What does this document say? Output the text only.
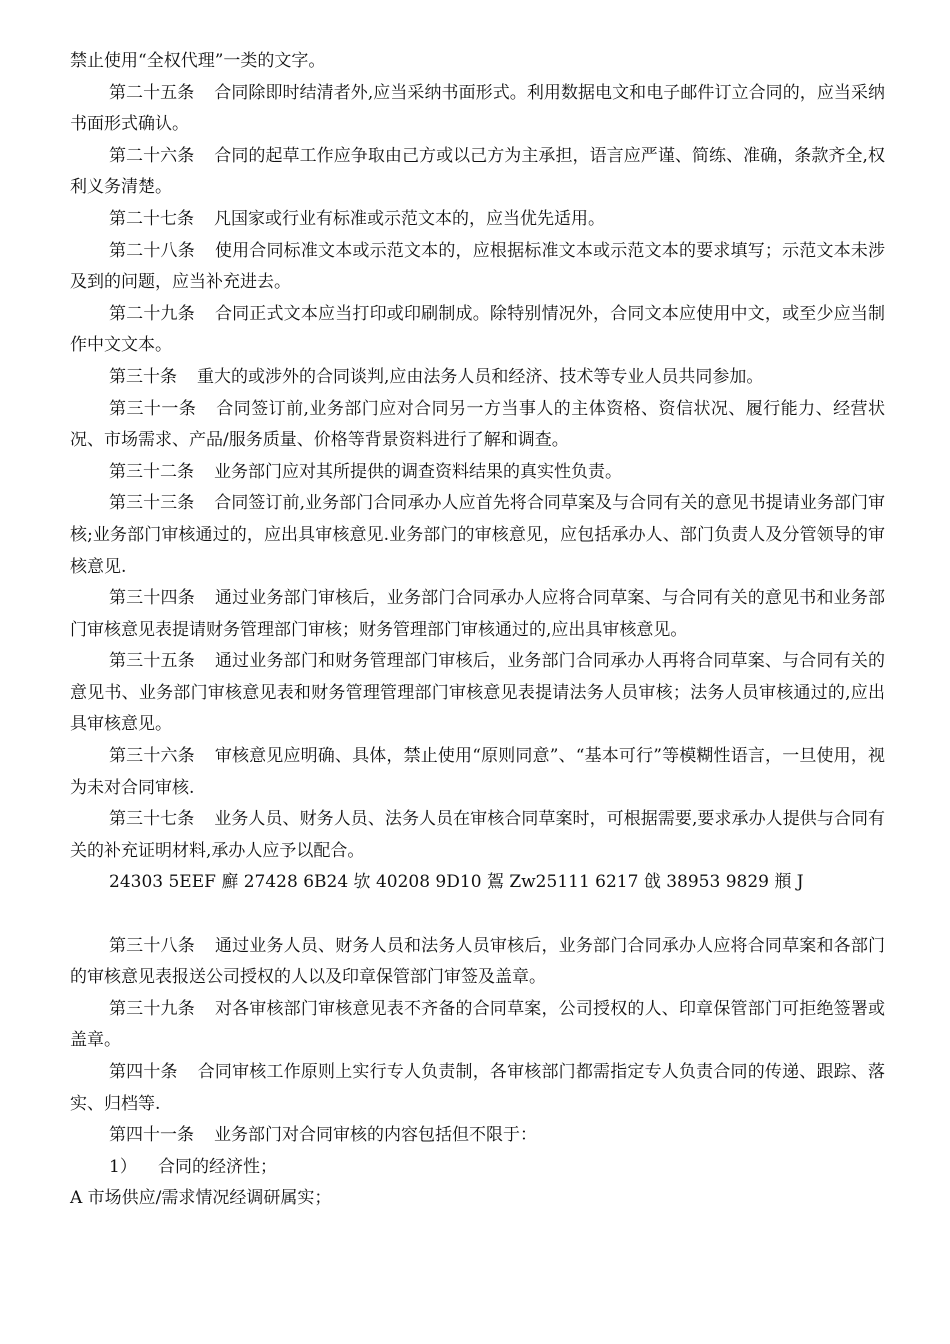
禁止使用“全权代理”一类的文字。

第二十五条 合同除即时结清者外,应当采纳书面形式。利用数据电文和电子邮件订立合同的，应当采纳书面形式确认。

第二十六条 合同的起草工作应争取由己方或以己方为主承担，语言应严谨、简练、准确，条款齐全,权利义务清楚。

第二十七条 凡国家或行业有标准或示范文本的，应当优先适用。

第二十八条 使用合同标准文本或示范文本的，应根据标准文本或示范文本的要求填写；示范文本未涉及到的问题，应当补充进去。

第二十九条 合同正式文本应当打印或印刷制成。除特别情况外，合同文本应使用中文，或至少应当制作中文文本。

第三十条 重大的或涉外的合同谈判,应由法务人员和经济、技术等专业人员共同参加。

第三十一条 合同签订前,业务部门应对合同另一方当事人的主体资格、资信状况、履行能力、经营状况、市场需求、产品/服务质量、价格等背景资料进行了解和调查。

第三十二条 业务部门应对其所提供的调查资料结果的真实性负责。

第三十三条 合同签订前,业务部门合同承办人应首先将合同草案及与合同有关的意见书提请业务部门审核;业务部门审核通过的，应出具审核意见.业务部门的审核意见，应包括承办人、部门负责人及分管领导的审核意见.

第三十四条 通过业务部门审核后，业务部门合同承办人应将合同草案、与合同有关的意见书和业务部门审核意见表提请财务管理部门审核；财务管理部门审核通过的,应出具审核意见。

第三十五条 通过业务部门和财务管理部门审核后，业务部门合同承办人再将合同草案、与合同有关的意见书、业务部门审核意见表和财务管理管理部门审核意见表提请法务人员审核；法务人员审核通过的,应出具审核意见。

第三十六条 审核意见应明确、具体，禁止使用“原则同意”、“基本可行”等模糊性语言，一旦使用，视为未对合同审核.

第三十七条 业务人员、财务人员、法务人员在审核合同草案时，可根据需要,要求承办人提供与合同有关的补充证明材料,承办人应予以配合。

24303 5EEF 廯 27428 6B24 欤 40208 9D10 鴐 Zw25111 6217 戗 38953 9829 頩 J

第三十八条 通过业务人员、财务人员和法务人员审核后，业务部门合同承办人应将合同草案和各部门的审核意见表报送公司授权的人以及印章保管部门审签及盖章。

第三十九条 对各审核部门审核意见表不齐备的合同草案，公司授权的人、印章保管部门可拒绝签署或盖章。

第四十条 合同审核工作原则上实行专人负责制，各审核部门都需指定专人负责合同的传递、跟踪、落实、归档等.

第四十一条 业务部门对合同审核的内容包括但不限于：

1） 合同的经济性；

A 市场供应/需求情况经调研属实；
